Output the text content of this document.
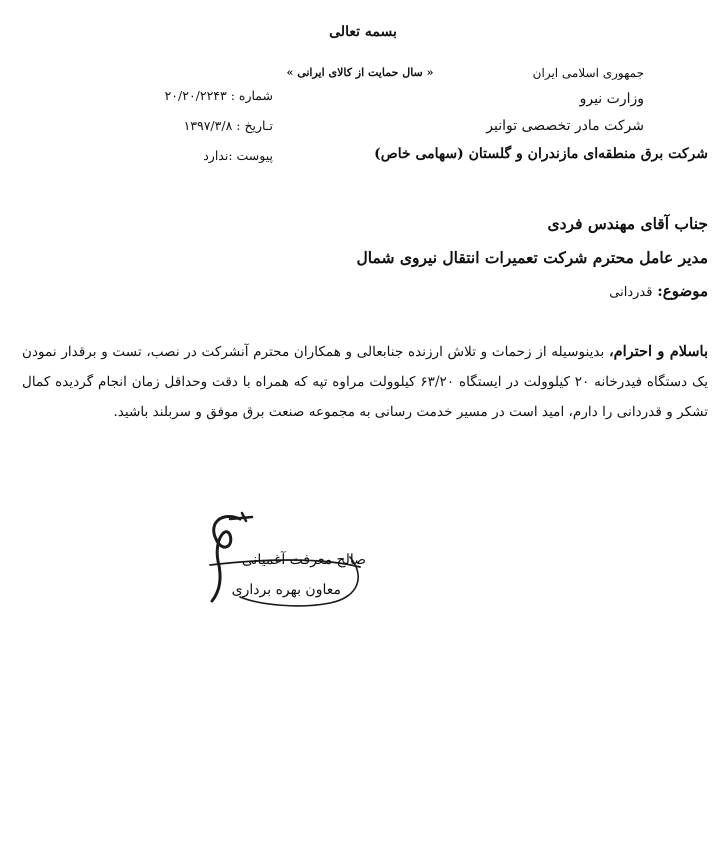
بسمه تعالی
« سال حمایت از کالای ایرانی »	جمهوری اسلامی ایران
وزارت نیرو
شرکت مادر تخصصی توانیر
شرکت برق منطقه‌ای مازندران و گلستان (سهامی خاص)
شماره : ۲۰/۲۰/۲۲۴۳
تـاریخ : ۱۳۹۷/۳/۸
پیوست :ندارد
جناب آقای مهندس فردی
مدیر عامل محترم شرکت تعمیرات انتقال نیروی شمال
موضوع: قدردانی
باسلام و احترام، بدینوسیله از زحمات و تلاش ارزنده جنابعالی و همکاران محترم آنشرکت در نصب، تست و برقدار نمودن یک دستگاه فیدرخانه ۲۰ کیلوولت در ایستگاه ۶۳/۲۰ کیلوولت مراوه تپه که همراه با دقت وحداقل زمان انجام گردیده کمال تشکر و قدردانی را دارم، امید است در مسیر خدمت رسانی به مجموعه صنعت برق موفق و سربلند باشید.
صالح معرفت آغمیانی
معاون بهره برداری
